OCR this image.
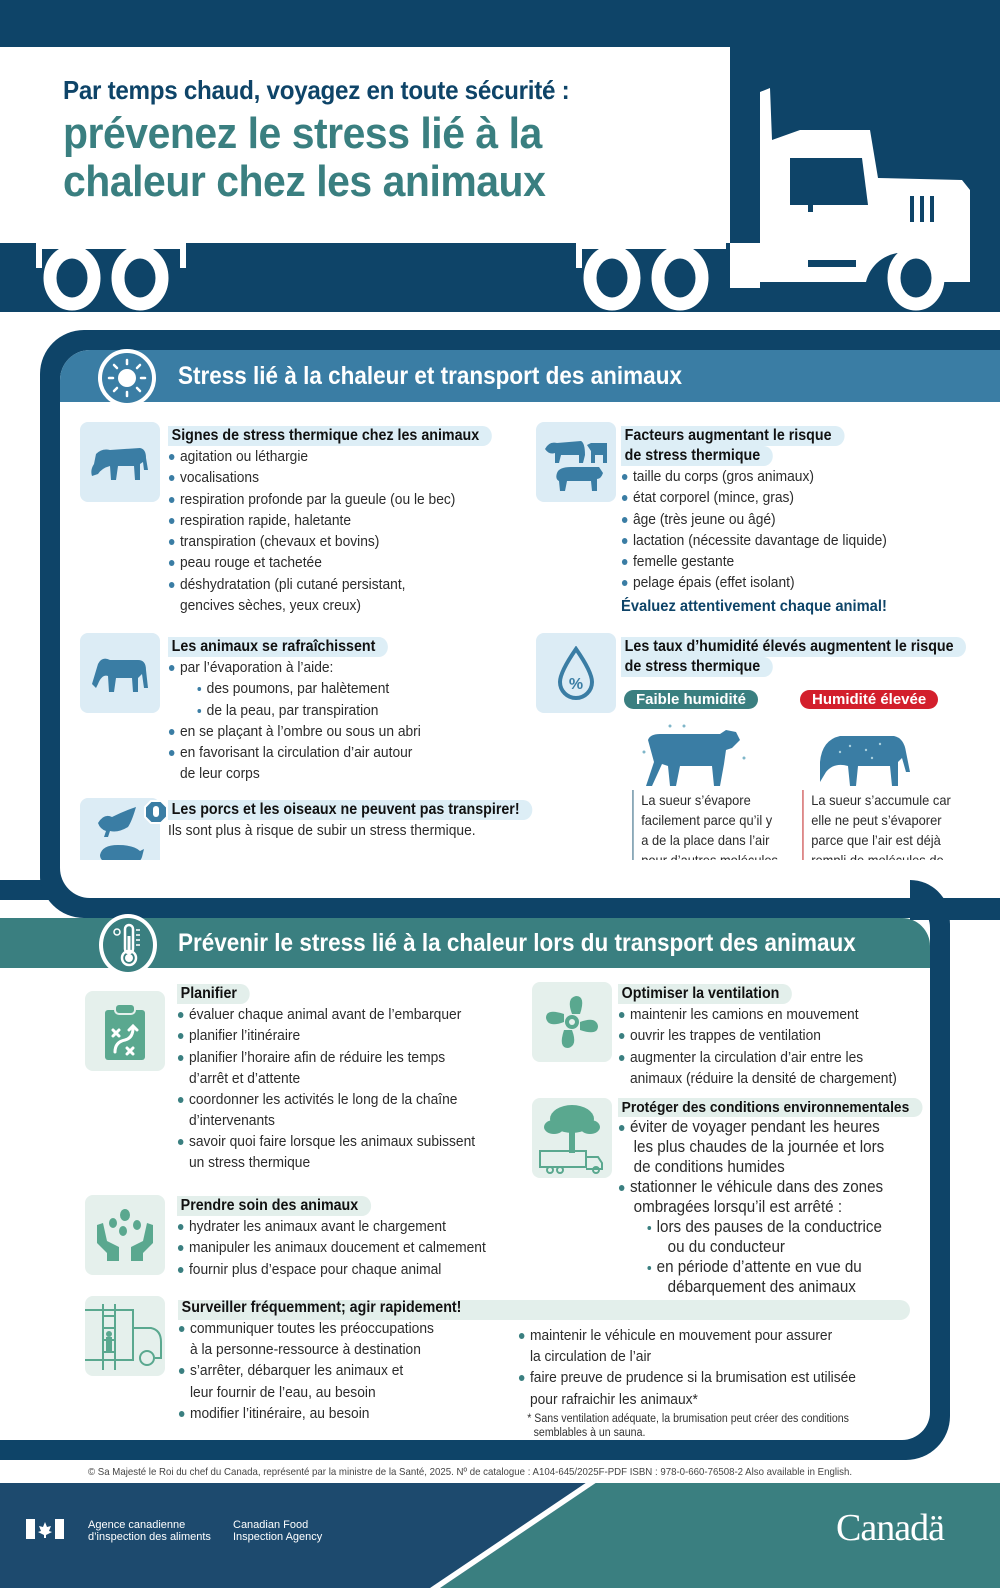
Par temps chaud, voyagez en toute sécurité :
prévenez le stress lié à la
chaleur chez les animaux
Stress lié à la chaleur et transport des animaux
Signes de stress thermique chez les animaux
agitation ou léthargie
vocalisations
respiration profonde par la gueule (ou le bec)
respiration rapide, haletante
transpiration (chevaux et bovins)
peau rouge et tachetée
déshydratation (pli cutané persistant,
gencives sèches, yeux creux)
Les animaux se rafraîchissent
par l’évaporation à l’aide:
des poumons, par halètement
de la peau, par transpiration
en se plaçant à l’ombre ou sous un abri
en favorisant la circulation d’air autour
de leur corps
Les porcs et les oiseaux ne peuvent pas transpirer!
Ils sont plus à risque de subir un stress thermique.
Facteurs augmentant le risque
de stress thermique
taille du corps (gros animaux)
état corporel (mince, gras)
âge (très jeune ou âgé)
lactation (nécessite davantage de liquide)
femelle gestante
pelage épais (effet isolant)
Évaluez attentivement chaque animal!
%
Les taux d’humidité élevés augmentent le risque
de stress thermique
Faible humidité	Humidité élevée
La sueur s’évapore
facilement parce qu’il y
a de la place dans l’air
La sueur s’accumule car
elle ne peut s’évaporer
parce que l’air est déjà
Prévenir le stress lié à la chaleur lors du transport des animaux
Planifier
évaluer chaque animal avant de l’embarquer
planifier l’itinéraire
planifier l’horaire afin de réduire les temps
d’arrêt et d’attente
coordonner les activités le long de la chaîne
d’intervenants
savoir quoi faire lorsque les animaux subissent
un stress thermique
Prendre soin des animaux
hydrater les animaux avant le chargement
manipuler les animaux doucement et calmement
fournir plus d’espace pour chaque animal
Optimiser la ventilation
maintenir les camions en mouvement
ouvrir les trappes de ventilation
augmenter la circulation d’air entre les
animaux (réduire la densité de chargement)
Protéger des conditions environnementales
éviter de voyager pendant les heures
les plus chaudes de la journée et lors
de conditions humides
stationner le véhicule dans des zones
ombragées lorsqu’il est arrêté :
lors des pauses de la conductrice
ou du conducteur
en période d’attente en vue du
débarquement des animaux
Surveiller fréquemment; agir rapidement!
communiquer toutes les préoccupations
à la personne-ressource à destination
s’arrêter, débarquer les animaux et
leur fournir de l’eau, au besoin
modifier l’itinéraire, au besoin
maintenir le véhicule en mouvement pour assurer
la circulation de l’air
faire preuve de prudence si la brumisation est utilisée
pour rafraichir les animaux*
* Sans ventilation adéquate, la brumisation peut créer des conditions
semblables à un sauna.
© Sa Majesté le Roi du chef du Canada, représenté par la ministre de la Santé, 2025. Nº de catalogue : A104-645/2025F-PDF ISBN : 978-0-660-76508-2 Also available in English.
Agence canadienne
d’inspection des aliments
Canadian Food
Inspection Agency	Canadä
